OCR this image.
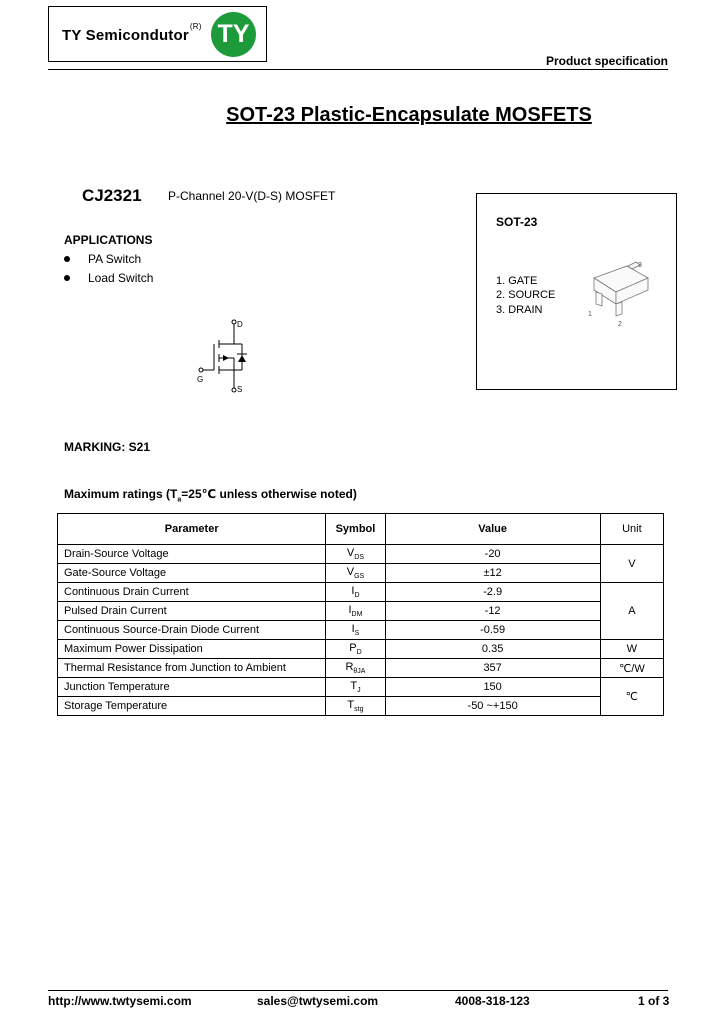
TY Semicondutor$^{(R)}$ TY
Product specification
SOT-23 Plastic-Encapsulate MOSFETS
CJ2321 P-Channel 20-V(D-S) MOSFET
APPLICATIONS
PA Switch
Load Switch
D
G
S
SOT-23
1. GATE
2. SOURCE
3. DRAIN
3
1
2
MARKING: S21
Maximum ratings ($T_a=25℃$ unless otherwise noted)
Parameter	Symbol	Value	Unit
Drain-Source Voltage	$V_{DS}$	-20	V
Gate-Source Voltage	$V_{GS}$	±12	
Continuous Drain Current	$I_D$	-2.9	A
Pulsed Drain Current	$I_{DM}$	-12	
Continuous Source-Drain Diode Current	$I_S$	-0.59	
Maximum Power Dissipation	$P_D$	0.35	W
Thermal Resistance from Junction to Ambient	$R_{\theta JA}$	357	℃/W
Junction Temperature	$T_J$	150	℃
Storage Temperature	$T_{stg}$	-50 ~+150	
http://www.twtysemi.com	sales@twtysemi.com	4008-318-123	1 of 3
